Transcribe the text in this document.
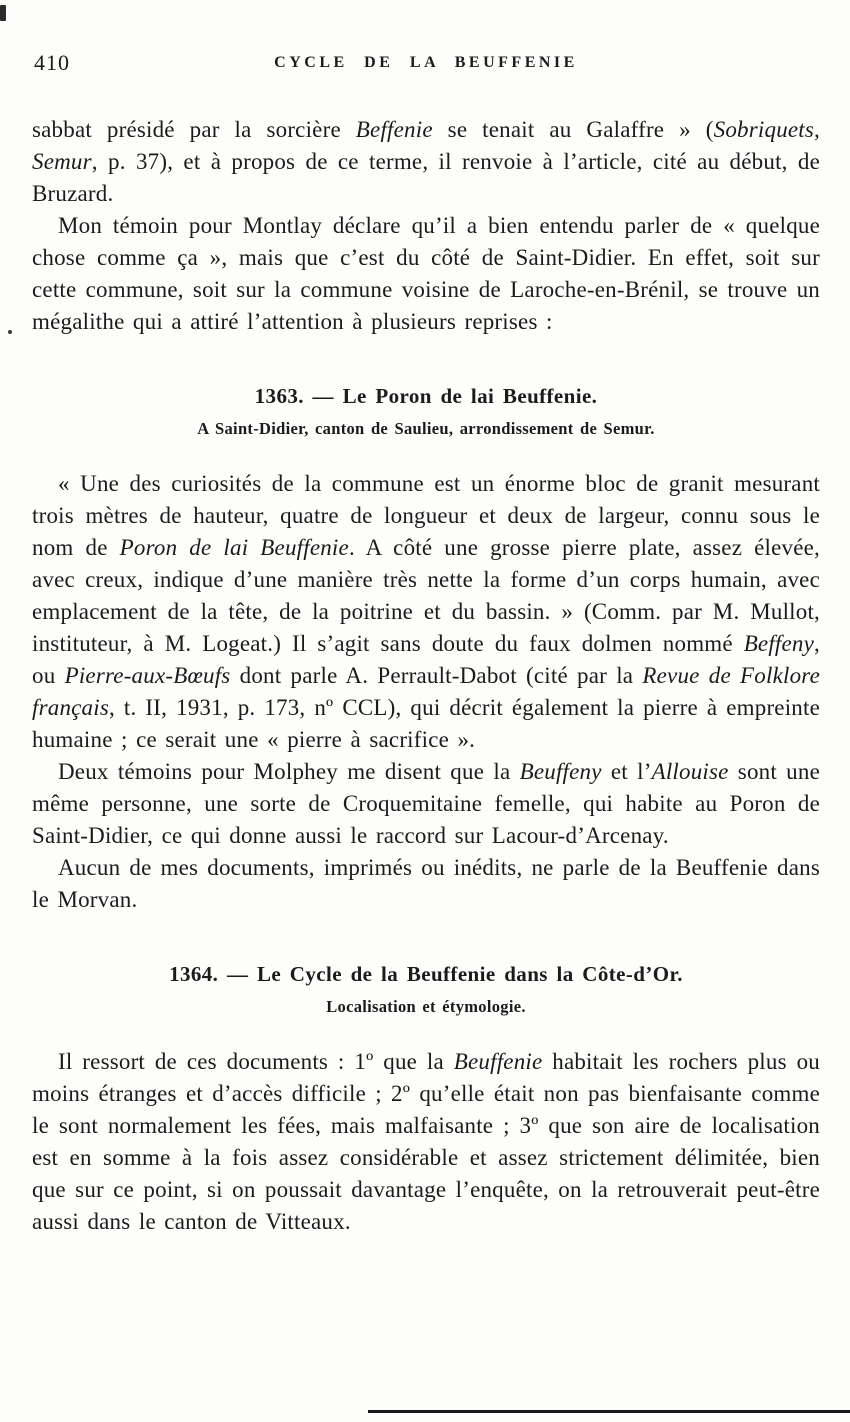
410	CYCLE DE LA BEUFFENIE

sabbat présidé par la sorcière Beffenie se tenait au Galaffre » (Sobriquets, Semur, p. 37), et à propos de ce terme, il renvoie à l’article, cité au début, de Bruzard.

Mon témoin pour Montlay déclare qu’il a bien entendu parler de « quelque chose comme ça », mais que c’est du côté de Saint-Didier. En effet, soit sur cette commune, soit sur la commune voisine de Laroche-en-Brénil, se trouve un mégalithe qui a attiré l’attention à plusieurs reprises :

1363. — Le Poron de lai Beuffenie.
A Saint-Didier, canton de Saulieu, arrondissement de Semur.

« Une des curiosités de la commune est un énorme bloc de granit mesurant trois mètres de hauteur, quatre de longueur et deux de largeur, connu sous le nom de Poron de lai Beuffenie. A côté une grosse pierre plate, assez élevée, avec creux, indique d’une manière très nette la forme d’un corps humain, avec emplacement de la tête, de la poitrine et du bassin. » (Comm. par M. Mullot, instituteur, à M. Logeat.) Il s’agit sans doute du faux dolmen nommé Beffeny, ou Pierre-aux-Bœufs dont parle A. Perrault-Dabot (cité par la Revue de Folklore français, t. II, 1931, p. 173, nº CCL), qui décrit également la pierre à empreinte humaine ; ce serait une « pierre à sacrifice ».

Deux témoins pour Molphey me disent que la Beuffeny et l’Allouise sont une même personne, une sorte de Croquemitaine femelle, qui habite au Poron de Saint-Didier, ce qui donne aussi le raccord sur Lacour-d’Arcenay.

Aucun de mes documents, imprimés ou inédits, ne parle de la Beuffenie dans le Morvan.

1364. — Le Cycle de la Beuffenie dans la Côte-d’Or.
Localisation et étymologie.

Il ressort de ces documents : 1º que la Beuffenie habitait les rochers plus ou moins étranges et d’accès difficile ; 2º qu’elle était non pas bienfaisante comme le sont normalement les fées, mais malfaisante ; 3º que son aire de localisation est en somme à la fois assez considérable et assez strictement délimitée, bien que sur ce point, si on poussait davantage l’enquête, on la retrouverait peut-être aussi dans le canton de Vitteaux.
